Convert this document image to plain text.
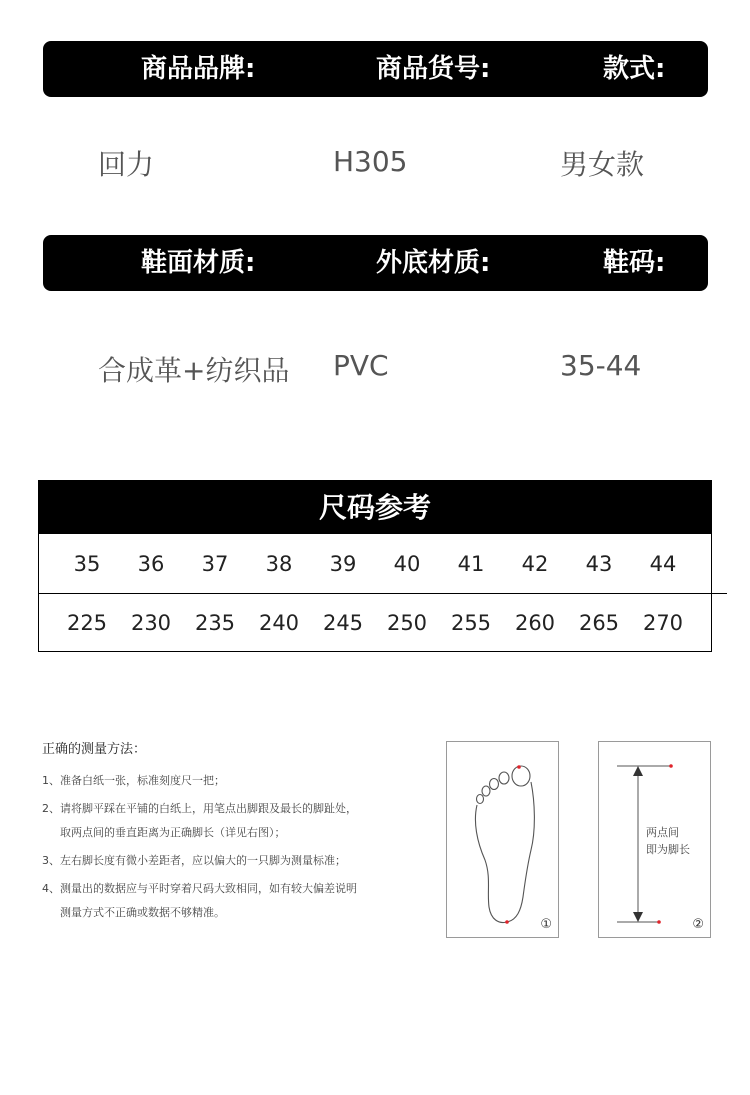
商品品牌:	商品货号:	款式:
回力	H305	男女款
鞋面材质:	外底材质:	鞋码:
合成革+纺织品 PVC	35-44
尺码参考
35	36	37	38	39	40	41	42	43	44
225	230	235	240	245	250	255	260	265	270
正确的测量方法：
1、准备白纸一张，标准刻度尺一把；
2、请将脚平踩在平铺的白纸上，用笔点出脚跟及最长的脚趾处，
取两点间的垂直距离为正确脚长（详见右图）；
3、左右脚长度有微小差距者，应以偏大的一只脚为测量标准；
4、测量出的数据应与平时穿着尺码大致相同，如有较大偏差说明
测量方式不正确或数据不够精准。
①
两点间
即为脚长
②
